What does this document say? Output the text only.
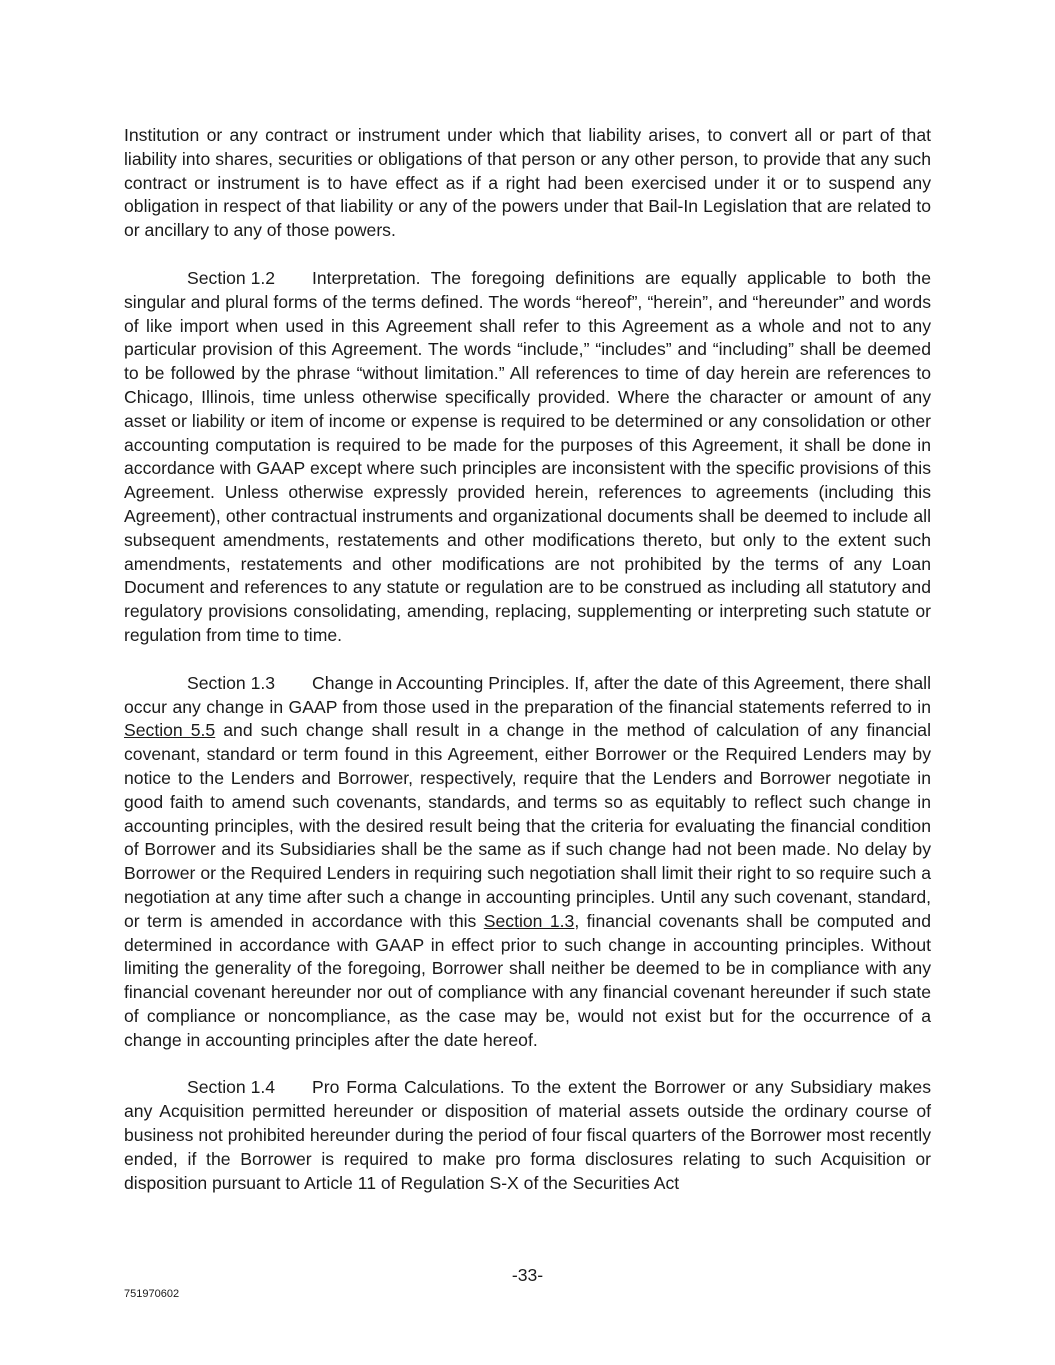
Institution or any contract or instrument under which that liability arises, to convert all or part of that liability into shares, securities or obligations of that person or any other person, to provide that any such contract or instrument is to have effect as if a right had been exercised under it or to suspend any obligation in respect of that liability or any of the powers under that Bail-In Legislation that are related to or ancillary to any of those powers.

Section 1.2 Interpretation. The foregoing definitions are equally applicable to both the singular and plural forms of the terms defined. The words “hereof”, “herein”, and “hereunder” and words of like import when used in this Agreement shall refer to this Agreement as a whole and not to any particular provision of this Agreement. The words “include,” “includes” and “including” shall be deemed to be followed by the phrase “without limitation.” All references to time of day herein are references to Chicago, Illinois, time unless otherwise specifically provided. Where the character or amount of any asset or liability or item of income or expense is required to be determined or any consolidation or other accounting computation is required to be made for the purposes of this Agreement, it shall be done in accordance with GAAP except where such principles are inconsistent with the specific provisions of this Agreement. Unless otherwise expressly provided herein, references to agreements (including this Agreement), other contractual instruments and organizational documents shall be deemed to include all subsequent amendments, restatements and other modifications thereto, but only to the extent such amendments, restatements and other modifications are not prohibited by the terms of any Loan Document and references to any statute or regulation are to be construed as including all statutory and regulatory provisions consolidating, amending, replacing, supplementing or interpreting such statute or regulation from time to time.

Section 1.3 Change in Accounting Principles. If, after the date of this Agreement, there shall occur any change in GAAP from those used in the preparation of the financial statements referred to in Section 5.5 and such change shall result in a change in the method of calculation of any financial covenant, standard or term found in this Agreement, either Borrower or the Required Lenders may by notice to the Lenders and Borrower, respectively, require that the Lenders and Borrower negotiate in good faith to amend such covenants, standards, and terms so as equitably to reflect such change in accounting principles, with the desired result being that the criteria for evaluating the financial condition of Borrower and its Subsidiaries shall be the same as if such change had not been made. No delay by Borrower or the Required Lenders in requiring such negotiation shall limit their right to so require such a negotiation at any time after such a change in accounting principles. Until any such covenant, standard, or term is amended in accordance with this Section 1.3, financial covenants shall be computed and determined in accordance with GAAP in effect prior to such change in accounting principles. Without limiting the generality of the foregoing, Borrower shall neither be deemed to be in compliance with any financial covenant hereunder nor out of compliance with any financial covenant hereunder if such state of compliance or noncompliance, as the case may be, would not exist but for the occurrence of a change in accounting principles after the date hereof.

Section 1.4 Pro Forma Calculations. To the extent the Borrower or any Subsidiary makes any Acquisition permitted hereunder or disposition of material assets outside the ordinary course of business not prohibited hereunder during the period of four fiscal quarters of the Borrower most recently ended, if the Borrower is required to make pro forma disclosures relating to such Acquisition or disposition pursuant to Article 11 of Regulation S-X of the Securities Act

-33-
751970602
